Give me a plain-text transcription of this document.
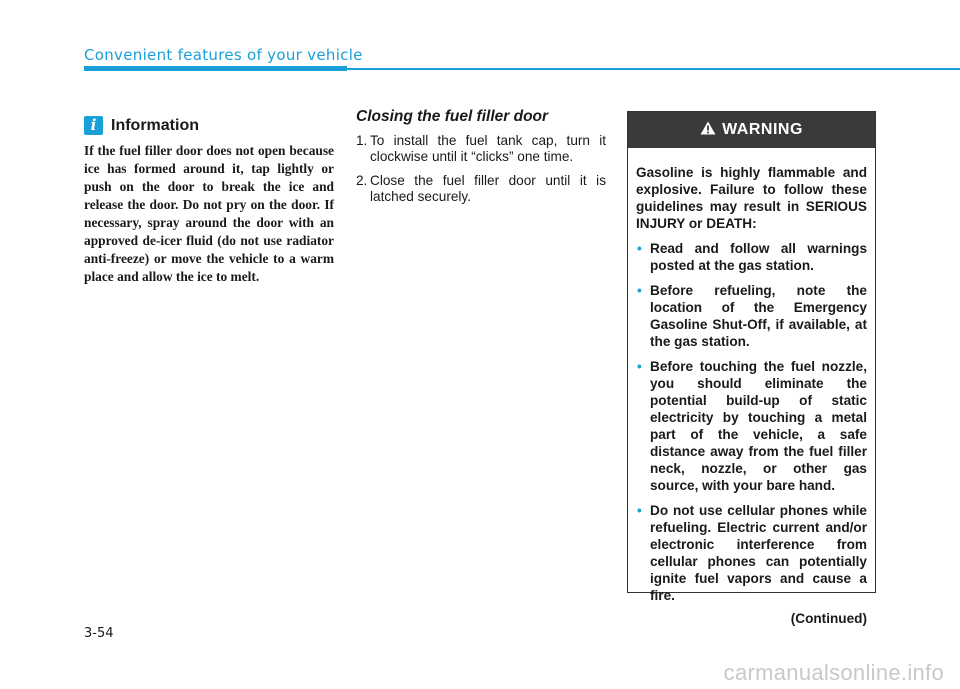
Convenient features of your vehicle
i Information

If the fuel filler door does not open because ice has formed around it, tap lightly or push on the door to break the ice and release the door. Do not pry on the door. If necessary, spray around the door with an approved de-icer fluid (do not use radiator anti-freeze) or move the vehicle to a warm place and allow the ice to melt.

Closing the fuel filler door
1. To install the fuel tank cap, turn it clockwise until it “clicks” one time.
2. Close the fuel filler door until it is latched securely.
WARNING

Gasoline is highly flammable and explosive. Failure to follow these guidelines may result in SERIOUS INJURY or DEATH:

• Read and follow all warnings posted at the gas station.
• Before refueling, note the location of the Emergency Gasoline Shut-Off, if available, at the gas station.
• Before touching the fuel nozzle, you should eliminate the potential build-up of static electricity by touching a metal part of the vehicle, a safe distance away from the fuel filler neck, nozzle, or other gas source, with your bare hand.
• Do not use cellular phones while refueling. Electric current and/or electronic interference from cellular phones can potentially ignite fuel vapors and cause a fire.
(Continued)
3-54
carmanualsonline.info
